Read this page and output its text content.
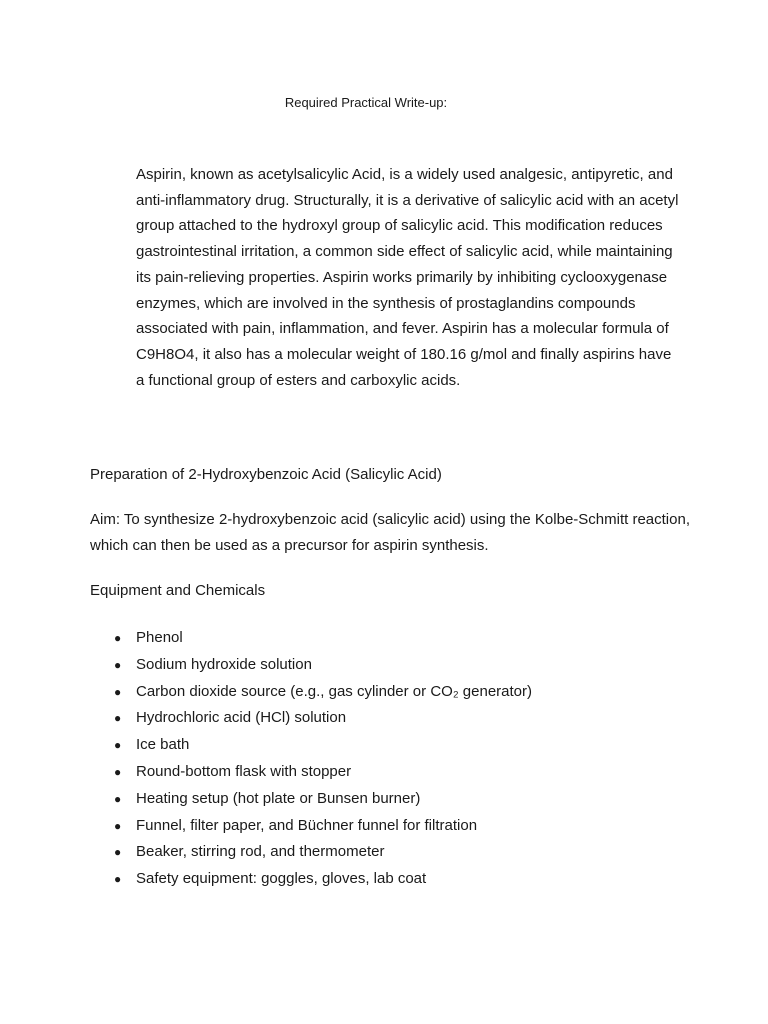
Required Practical Write-up:

Aspirin, known as acetylsalicylic Acid, is a widely used analgesic, antipyretic, and anti-inflammatory drug. Structurally, it is a derivative of salicylic acid with an acetyl group attached to the hydroxyl group of salicylic acid. This modification reduces gastrointestinal irritation, a common side effect of salicylic acid, while maintaining its pain-relieving properties. Aspirin works primarily by inhibiting cyclooxygenase enzymes, which are involved in the synthesis of prostaglandins compounds associated with pain, inflammation, and fever. Aspirin has a molecular formula of C9H8O4, it also has a molecular weight of 180.16 g/mol and finally aspirins have a functional group of esters and carboxylic acids.

Preparation of 2-Hydroxybenzoic Acid (Salicylic Acid)

Aim: To synthesize 2-hydroxybenzoic acid (salicylic acid) using the Kolbe-Schmitt reaction, which can then be used as a precursor for aspirin synthesis.

Equipment and Chemicals

● Phenol
● Sodium hydroxide solution
● Carbon dioxide source (e.g., gas cylinder or CO₂ generator)
● Hydrochloric acid (HCl) solution
● Ice bath
● Round-bottom flask with stopper
● Heating setup (hot plate or Bunsen burner)
● Funnel, filter paper, and Büchner funnel for filtration
● Beaker, stirring rod, and thermometer
● Safety equipment: goggles, gloves, lab coat
